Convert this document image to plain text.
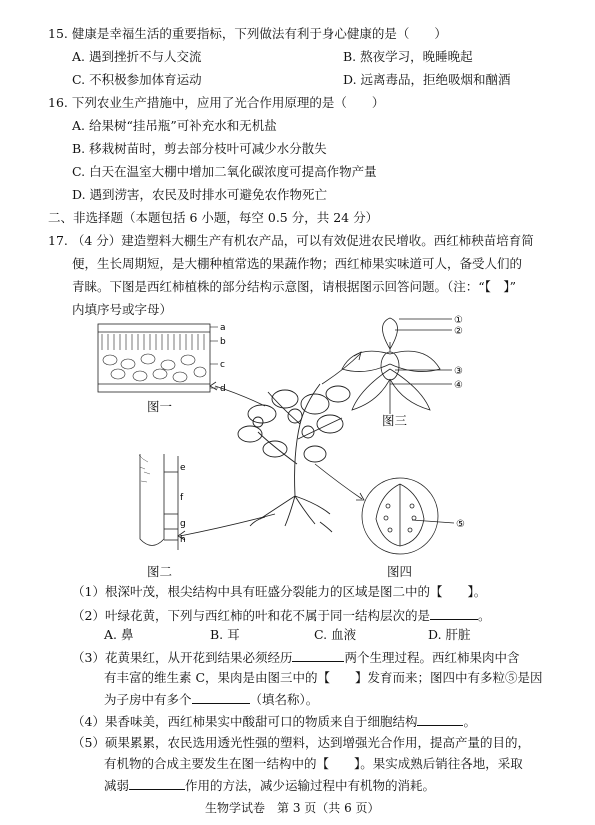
15. 健康是幸福生活的重要指标，下列做法有利于身心健康的是（　　）
A. 遇到挫折不与人交流	B. 熬夜学习，晚睡晚起
C. 不积极参加体育运动	D. 远离毒品，拒绝吸烟和酗酒
16. 下列农业生产措施中，应用了光合作用原理的是（　　）
A. 给果树“挂吊瓶”可补充水和无机盐
B. 移栽树苗时，剪去部分枝叶可减少水分散失
C. 白天在温室大棚中增加二氧化碳浓度可提高作物产量
D. 遇到涝害，农民及时排水可避免农作物死亡
二、非选择题（本题包括 6 小题，每空 0.5 分，共 24 分）
17. （4 分）建造塑料大棚生产有机农产品，可以有效促进农民增收。西红柿秧苗培育简
便，生长周期短，是大棚种植常选的果蔬作物；西红柿果实味道可人，备受人们的
青睐。下图是西红柿植株的部分结构示意图，请根据图示回答问题。（注：“【　】”
内填序号或字母）
a
b
c
d
①
②
③
④
e
f
g
h
⑤
图一
图三
图二	图四
（1）根深叶茂，根尖结构中具有旺盛分裂能力的区域是图二中的【　　】。
（2）叶绿花黄，下列与西红柿的叶和花不属于同一结构层次的是	。
A. 鼻	B. 耳	C. 血液	D. 肝脏
（3）花黄果红，从开花到结果必须经历	两个生理过程。西红柿果肉中含
有丰富的维生素 C，果肉是由图三中的【　　】发育而来；图四中有多粒⑤是因
为子房中有多个	（填名称）。
（4）果香味美，西红柿果实中酸甜可口的物质来自于细胞结构	。
（5）硕果累累，农民选用透光性强的塑料，达到增强光合作用，提高产量的目的，
有机物的合成主要发生在图一结构中的【　　】。果实成熟后销往各地，采取
减弱	作用的方法，减少运输过程中有机物的消耗。
生物学试卷　第 3 页（共 6 页）
